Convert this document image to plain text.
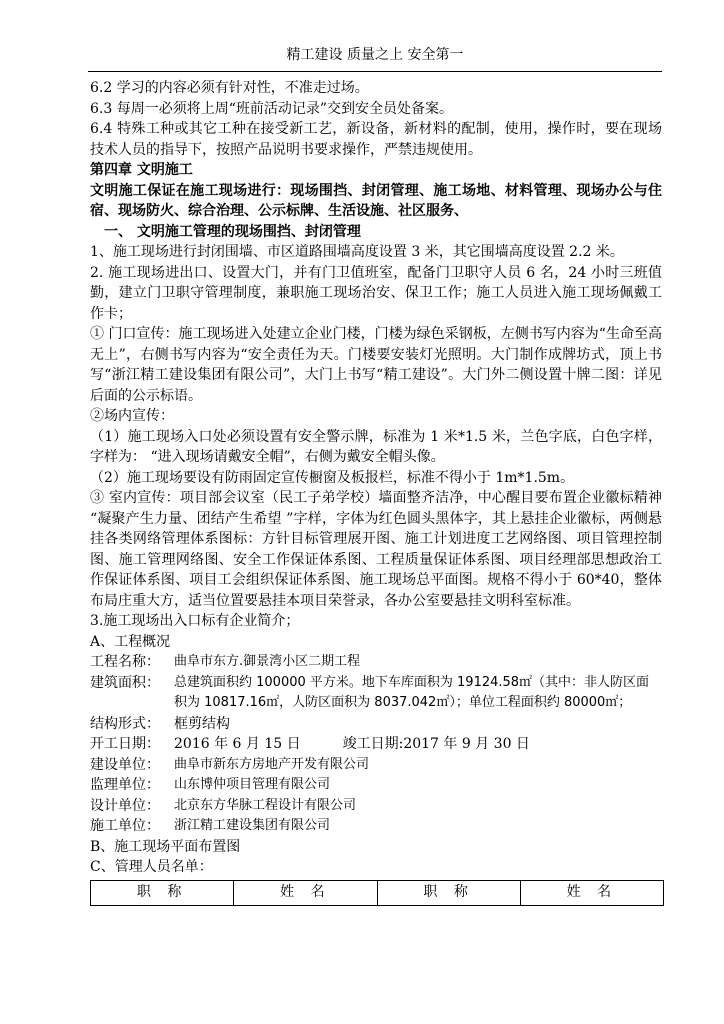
精工建设 质量之上 安全第一

6.2 学习的内容必须有针对性，不准走过场。

6.3 每周一必须将上周“班前活动记录”交到安全员处备案。

6.4 特殊工种或其它工种在接受新工艺，新设备，新材料的配制，使用，操作时，要在现场技术人员的指导下，按照产品说明书要求操作，严禁违规使用。

第四章 文明施工

文明施工保证在施工现场进行：现场围挡、封闭管理、施工场地、材料管理、现场办公与住宿、现场防火、综合治理、公示标牌、生活设施、社区服务、

一、 文明施工管理的现场围挡、封闭管理

1、施工现场进行封闭围墙、市区道路围墙高度设置 3 米，其它围墙高度设置 2.2 米。

2. 施工现场进出口、设置大门，并有门卫值班室，配备门卫职守人员 6 名，24 小时三班值勤，建立门卫职守管理制度，兼职施工现场治安、保卫工作；施工人员进入施工现场佩戴工作卡；

① 门口宣传：施工现场进入处建立企业门楼，门楼为绿色采钢板，左侧书写内容为“生命至高无上”，右侧书写内容为“安全责任为天。门楼要安装灯光照明。大门制作成牌坊式，顶上书写“浙江精工建设集团有限公司”，大门上书写“精工建设”。大门外二侧设置十牌二图：详见后面的公示标语。

②场内宣传：

（1）施工现场入口处必须设置有安全警示牌，标准为 1 米*1.5 米，兰色字底，白色字样，字样为： “进入现场请戴安全帽”，右侧为戴安全帽头像。

（2）施工现场要设有防雨固定宣传橱窗及板报栏，标准不得小于 1m*1.5m。

③ 室内宣传：项目部会议室（民工子弟学校）墙面整齐洁净，中心醒目要布置企业徽标精神 “凝聚产生力量、团结产生希望 ”字样，字体为红色圆头黑体字，其上悬挂企业徽标，两侧悬挂各类网络管理体系图标：方针目标管理展开图、施工计划进度工艺网络图、项目管理控制图、施工管理网络图、安全工作保证体系图、工程质量保证体系图、项目经理部思想政治工作保证体系图、项目工会组织保证体系图、施工现场总平面图。规格不得小于 60*40，整体布局庄重大方，适当位置要悬挂本项目荣誉录，各办公室要悬挂文明科室标准。

3.施工现场出入口标有企业简介；

A、工程概况

工程名称：	曲阜市东方.御景湾小区二期工程
建筑面积：	总建筑面积约 100000 平方米。地下车库面积为 19124.58㎡（其中：非人防区面积为 10817.16㎡，人防区面积为 8037.042㎡）；单位工程面积约 80000㎡；
结构形式：	框剪结构
开工日期：	2016 年 6 月 15 日	竣工日期:2017 年 9 月 30 日
建设单位：	曲阜市新东方房地产开发有限公司
监理单位：	山东博仲项目管理有限公司
设计单位：	北京东方华脉工程设计有限公司
施工单位：	浙江精工建设集团有限公司

B、施工现场平面布置图

C、管理人员名单：

职 称	姓 名	职 称	姓 名
